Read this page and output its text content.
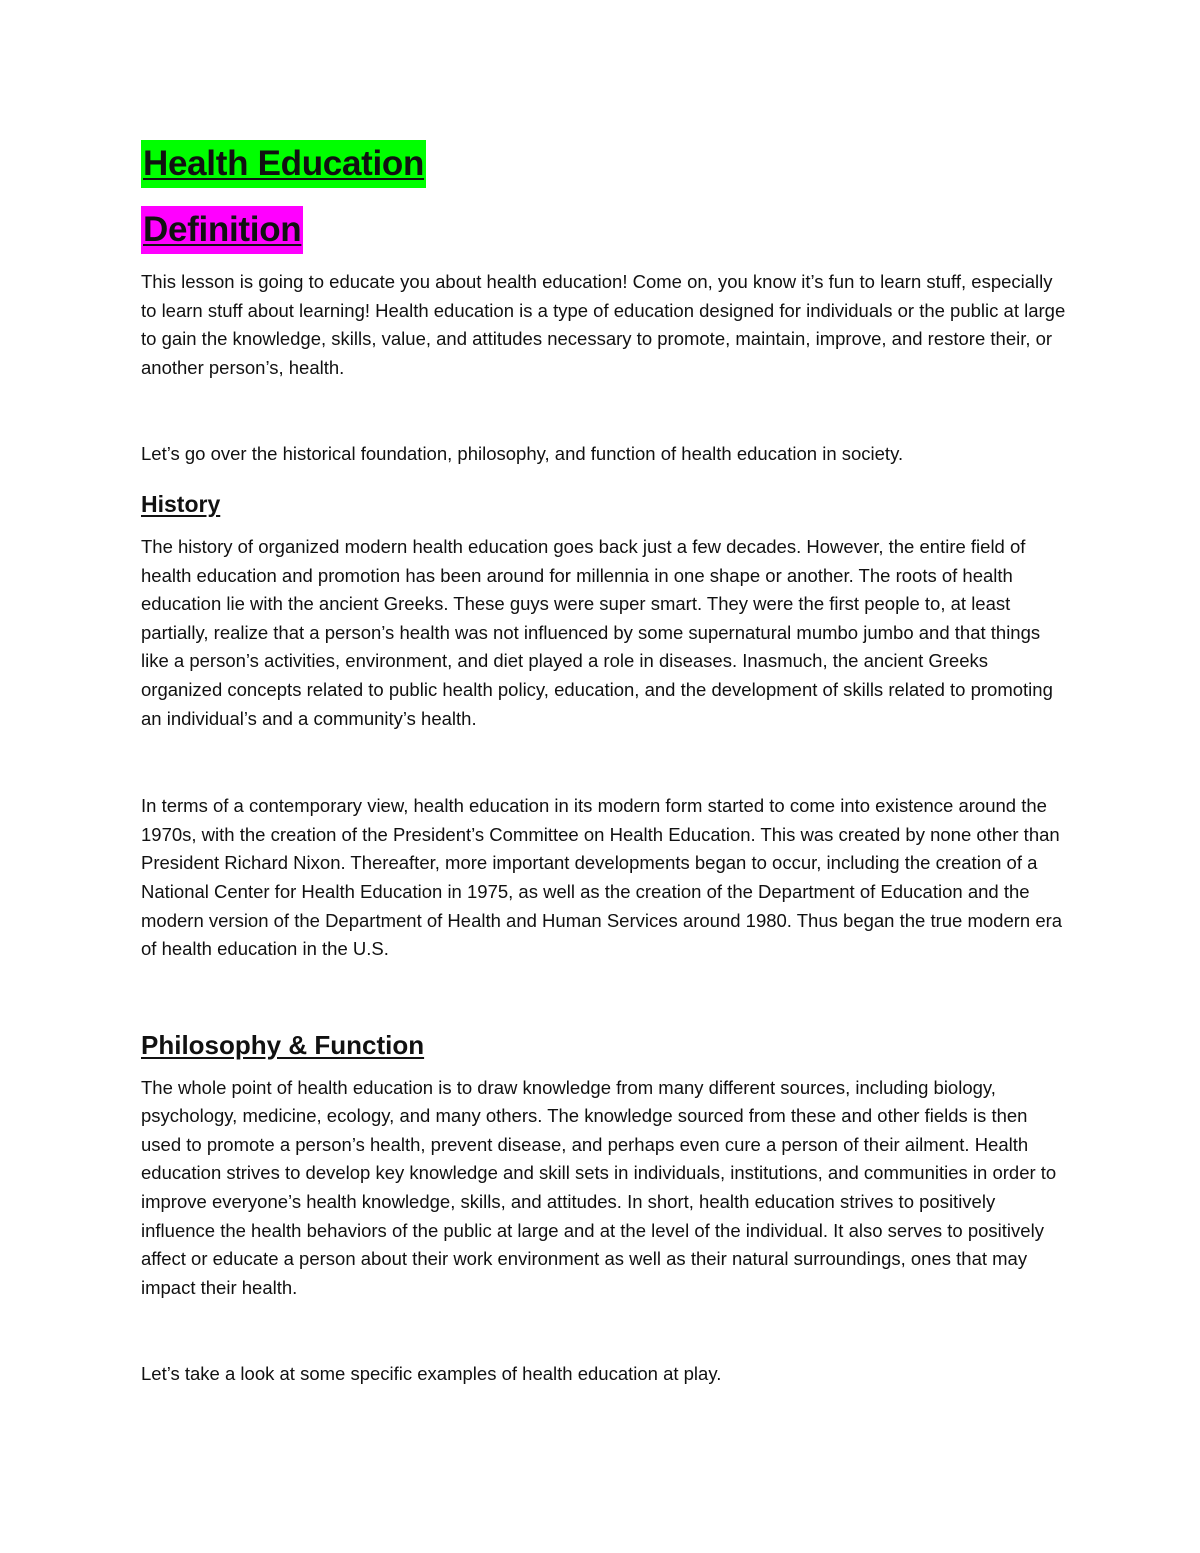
Health Education
Definition

This lesson is going to educate you about health education! Come on, you know it’s fun to learn stuff, especially to learn stuff about learning! Health education is a type of education designed for individuals or the public at large to gain the knowledge, skills, value, and attitudes necessary to promote, maintain, improve, and restore their, or another person’s, health.

Let’s go over the historical foundation, philosophy, and function of health education in society.

History

The history of organized modern health education goes back just a few decades. However, the entire field of health education and promotion has been around for millennia in one shape or another. The roots of health education lie with the ancient Greeks. These guys were super smart. They were the first people to, at least partially, realize that a person’s health was not influenced by some supernatural mumbo jumbo and that things like a person’s activities, environment, and diet played a role in diseases. Inasmuch, the ancient Greeks organized concepts related to public health policy, education, and the development of skills related to promoting an individual’s and a community’s health.

In terms of a contemporary view, health education in its modern form started to come into existence around the 1970s, with the creation of the President’s Committee on Health Education. This was created by none other than President Richard Nixon. Thereafter, more important developments began to occur, including the creation of a National Center for Health Education in 1975, as well as the creation of the Department of Education and the modern version of the Department of Health and Human Services around 1980. Thus began the true modern era of health education in the U.S.

Philosophy & Function

The whole point of health education is to draw knowledge from many different sources, including biology, psychology, medicine, ecology, and many others. The knowledge sourced from these and other fields is then used to promote a person’s health, prevent disease, and perhaps even cure a person of their ailment. Health education strives to develop key knowledge and skill sets in individuals, institutions, and communities in order to improve everyone’s health knowledge, skills, and attitudes. In short, health education strives to positively influence the health behaviors of the public at large and at the level of the individual. It also serves to positively affect or educate a person about their work environment as well as their natural surroundings, ones that may impact their health.

Let’s take a look at some specific examples of health education at play.
